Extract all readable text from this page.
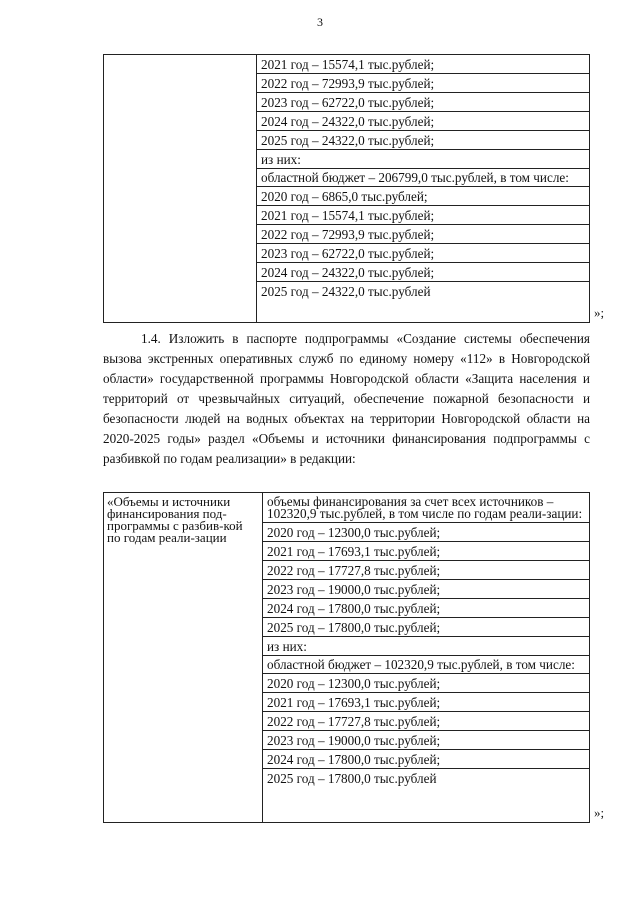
3

2021 год – 15574,1 тыс.рублей;
2022 год – 72993,9 тыс.рублей;
2023 год – 62722,0 тыс.рублей;
2024 год – 24322,0 тыс.рублей;
2025 год – 24322,0 тыс.рублей;
из них:
областной бюджет – 206799,0 тыс.рублей, в том числе:
2020 год – 6865,0 тыс.рублей;
2021 год – 15574,1 тыс.рублей;
2022 год – 72993,9 тыс.рублей;
2023 год – 62722,0 тыс.рублей;
2024 год – 24322,0 тыс.рублей;
2025 год – 24322,0 тыс.рублей
»;
1.4. Изложить в паспорте подпрограммы «Создание системы обеспечения вызова экстренных оперативных служб по единому номеру «112» в Новгородской области» государственной программы Новгородской области «Защита населения и территорий от чрезвычайных ситуаций, обеспечение пожарной безопасности и безопасности людей на водных объектах на территории Новгородской области на 2020-2025 годы» раздел «Объемы и источники финансирования подпрограммы с разбивкой по годам реализации» в редакции:
«Объемы и источники финансирования под-программы с разбив-кой по годам реали-зации	
объемы финансирования за счет всех источников – 102320,9 тыс.рублей, в том числе по годам реали-зации:
2020 год – 12300,0 тыс.рублей;
2021 год – 17693,1 тыс.рублей;
2022 год – 17727,8 тыс.рублей;
2023 год – 19000,0 тыс.рублей;
2024 год – 17800,0 тыс.рублей;
2025 год – 17800,0 тыс.рублей;
из них:
областной бюджет – 102320,9 тыс.рублей, в том числе:
2020 год – 12300,0 тыс.рублей;
2021 год – 17693,1 тыс.рублей;
2022 год – 17727,8 тыс.рублей;
2023 год – 19000,0 тыс.рублей;
2024 год – 17800,0 тыс.рублей;
2025 год – 17800,0 тыс.рублей
»;
